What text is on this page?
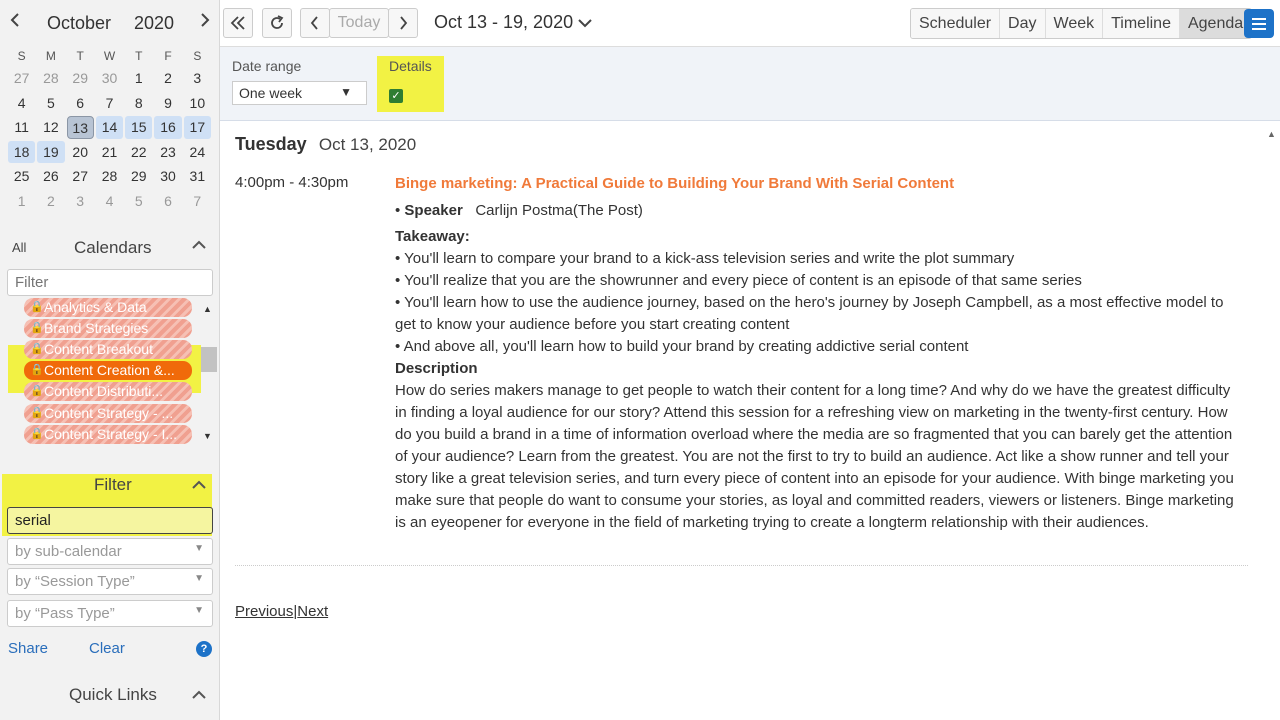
October 2020
S	M	T	W	T	F	S
27 28 29 30	1	2	3
4	5	6	7	8	9	10
11	12 13 14 15 16 17
18 19 20 21 22 23 24
25 26 27 28 29 30 31
1	2	3	4	5	6	7
All	Calendars
Filter
🔒 Analytics & Data
🔒 Brand Strategies
🔒 Content Breakout
🔒 Content Creation &...
🔒 Content Distributi...
🔒 Content Strategy - ...
🔒 Content Strategy - I...
▲
▼
Filter
serial
by sub-calendar	▼
by “Session Type”	▼
by “Pass Type”	▼
Share	Clear	?
Quick Links
Today	Oct 13 - 19, 2020	Scheduler	Day	Week	Timeline	Agenda
Date range
One week	▼
Details
✓
Tuesday Oct 13, 2020
4:00pm - 4:30pm	Binge marketing: A Practical Guide to Building Your Brand With Serial Content
• Speaker Carlijn Postma(The Post)
Takeaway:
• You'll learn to compare your brand to a kick-ass television series and write the plot summary
• You'll realize that you are the showrunner and every piece of content is an episode of that same series
• You'll learn how to use the audience journey, based on the hero's journey by Joseph Campbell, as a most effective model to get to know your audience before you start creating content
• And above all, you'll learn how to build your brand by creating addictive serial content
Description
How do series makers manage to get people to watch their content for a long time? And why do we have the greatest difficulty in finding a loyal audience for our story? Attend this session for a refreshing view on marketing in the twenty-first century. How do you build a brand in a time of information overload where the media are so fragmented that you can barely get the attention of your audience? Learn from the greatest. You are not the first to try to build an audience. Act like a show runner and tell your story like a great television series, and turn every piece of content into an episode for your audience. With binge marketing you make sure that people do want to consume your stories, as loyal and committed readers, viewers or listeners. Binge marketing is an eyeopener for everyone in the field of marketing trying to create a longterm relationship with their audiences.
Previous|Next
▲
